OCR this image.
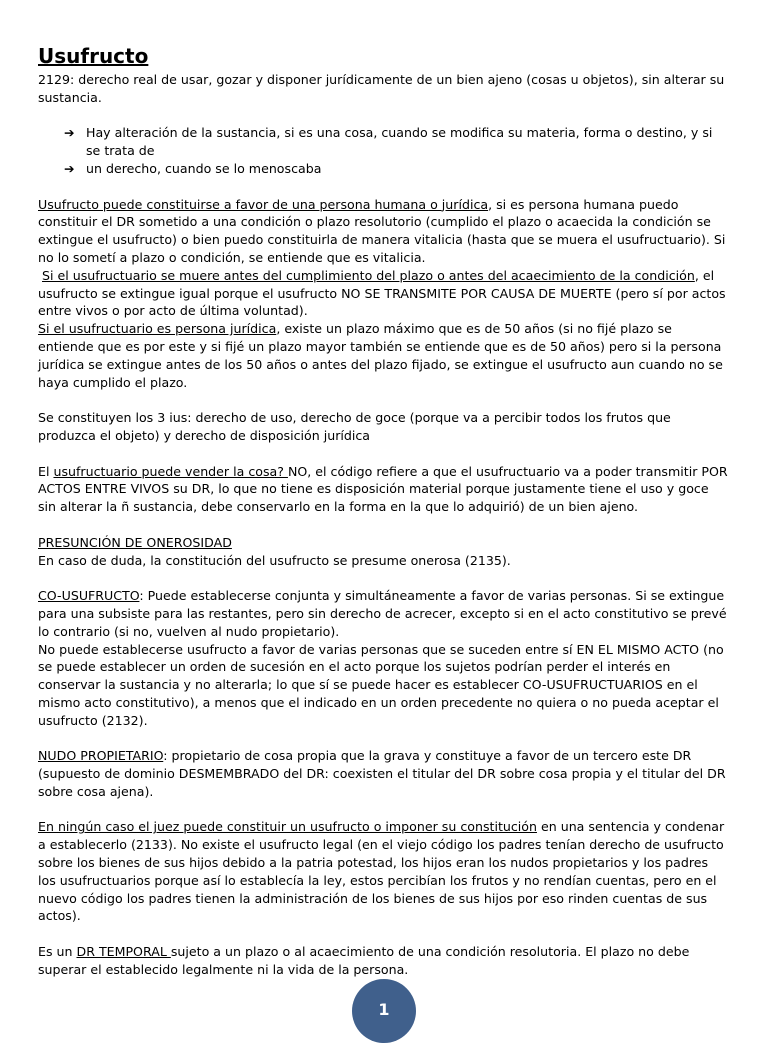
Usufructo

2129: derecho real de usar, gozar y disponer jurídicamente de un bien ajeno (cosas u objetos), sin alterar su sustancia.

➔ Hay alteración de la sustancia, si es una cosa, cuando se modifica su materia, forma o destino, y si se trata de
➔ un derecho, cuando se lo menoscaba

Usufructo puede constituirse a favor de una persona humana o jurídica, si es persona humana puedo constituir el DR sometido a una condición o plazo resolutorio (cumplido el plazo o acaecida la condición se extingue el usufructo) o bien puedo constituirla de manera vitalicia (hasta que se muera el usufructuario). Si no lo sometí a plazo o condición, se entiende que es vitalicia.

Si el usufructuario se muere antes del cumplimiento del plazo o antes del acaecimiento de la condición, el usufructo se extingue igual porque el usufructo NO SE TRANSMITE POR CAUSA DE MUERTE (pero sí por actos entre vivos o por acto de última voluntad).

Si el usufructuario es persona jurídica, existe un plazo máximo que es de 50 años (si no fijé plazo se entiende que es por este y si fijé un plazo mayor también se entiende que es de 50 años) pero si la persona jurídica se extingue antes de los 50 años o antes del plazo fijado, se extingue el usufructo aun cuando no se haya cumplido el plazo.

Se constituyen los 3 ius: derecho de uso, derecho de goce (porque va a percibir todos los frutos que produzca el objeto) y derecho de disposición jurídica

El usufructuario puede vender la cosa? NO, el código refiere a que el usufructuario va a poder transmitir POR ACTOS ENTRE VIVOS su DR, lo que no tiene es disposición material porque justamente tiene el uso y goce sin alterar la ñ sustancia, debe conservarlo en la forma en la que lo adquirió) de un bien ajeno.

PRESUNCIÓN DE ONEROSIDAD

En caso de duda, la constitución del usufructo se presume onerosa (2135).

CO-USUFRUCTO: Puede establecerse conjunta y simultáneamente a favor de varias personas. Si se extingue para una subsiste para las restantes, pero sin derecho de acrecer, excepto si en el acto constitutivo se prevé lo contrario (si no, vuelven al nudo propietario).

No puede establecerse usufructo a favor de varias personas que se suceden entre sí EN EL MISMO ACTO (no se puede establecer un orden de sucesión en el acto porque los sujetos podrían perder el interés en conservar la sustancia y no alterarla; lo que sí se puede hacer es establecer CO-USUFRUCTUARIOS en el mismo acto constitutivo), a menos que el indicado en un orden precedente no quiera o no pueda aceptar el usufructo (2132).

NUDO PROPIETARIO: propietario de cosa propia que la grava y constituye a favor de un tercero este DR (supuesto de dominio DESMEMBRADO del DR: coexisten el titular del DR sobre cosa propia y el titular del DR sobre cosa ajena).

En ningún caso el juez puede constituir un usufructo o imponer su constitución en una sentencia y condenar a establecerlo (2133). No existe el usufructo legal (en el viejo código los padres tenían derecho de usufructo sobre los bienes de sus hijos debido a la patria potestad, los hijos eran los nudos propietarios y los padres los usufructuarios porque así lo establecía la ley, estos percibían los frutos y no rendían cuentas, pero en el nuevo código los padres tienen la administración de los bienes de sus hijos por eso rinden cuentas de sus actos).

Es un DR TEMPORAL sujeto a un plazo o al acaecimiento de una condición resolutoria. El plazo no debe superar el establecido legalmente ni la vida de la persona.

1
